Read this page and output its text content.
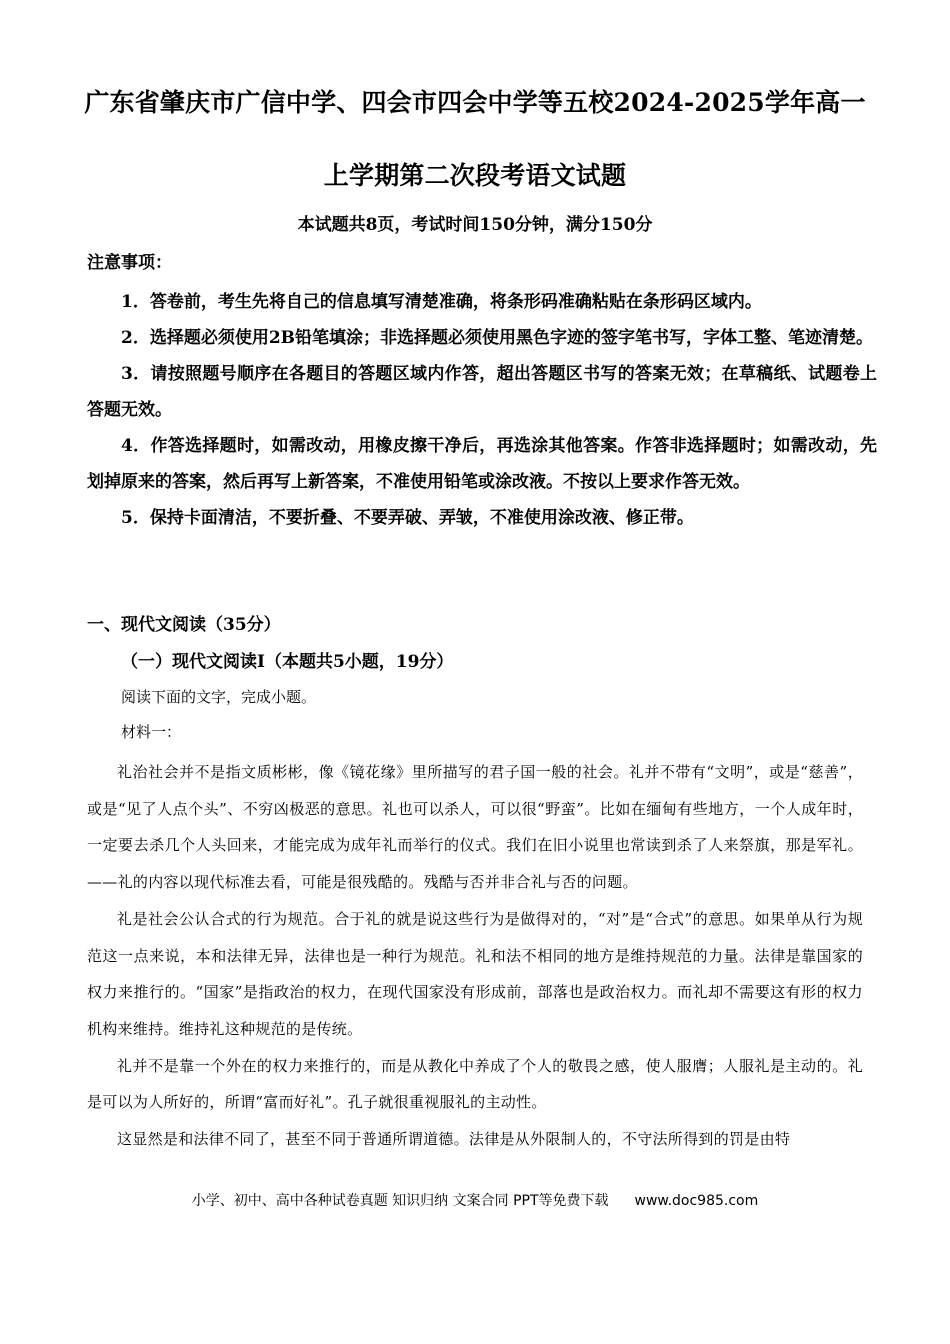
广东省肇庆市广信中学、四会市四会中学等五校2024-2025学年高一
上学期第二次段考语文试题
本试题共8页，考试时间150分钟，满分150分
注意事项：

1．答卷前，考生先将自己的信息填写清楚准确，将条形码准确粘贴在条形码区域内。

2．选择题必须使用2B铅笔填涂；非选择题必须使用黑色字迹的签字笔书写，字体工整、笔迹清楚。

3．请按照题号顺序在各题目的答题区域内作答，超出答题区书写的答案无效；在草稿纸、试题卷上答题无效。

4．作答选择题时，如需改动，用橡皮擦干净后，再选涂其他答案。作答非选择题时；如需改动，先划掉原来的答案，然后再写上新答案，不准使用铅笔或涂改液。不按以上要求作答无效。

5．保持卡面清洁，不要折叠、不要弄破、弄皱，不准使用涂改液、修正带。

一、现代文阅读（35分）
（一）现代文阅读Ⅰ（本题共5小题，19分）
阅读下面的文字，完成小题。
材料一：

礼治社会并不是指文质彬彬，像《镜花缘》里所描写的君子国一般的社会。礼并不带有“文明”，或是“慈善”，或是“见了人点个头”、不穷凶极恶的意思。礼也可以杀人，可以很“野蛮”。比如在缅甸有些地方，一个人成年时，一定要去杀几个人头回来，才能完成为成年礼而举行的仪式。我们在旧小说里也常读到杀了人来祭旗，那是军礼。——礼的内容以现代标准去看，可能是很残酷的。残酷与否并非合礼与否的问题。

礼是社会公认合式的行为规范。合于礼的就是说这些行为是做得对的，“对”是“合式”的意思。如果单从行为规范这一点来说，本和法律无异，法律也是一种行为规范。礼和法不相同的地方是维持规范的力量。法律是靠国家的权力来推行的。“国家”是指政治的权力，在现代国家没有形成前，部落也是政治权力。而礼却不需要这有形的权力机构来维持。维持礼这种规范的是传统。

礼并不是靠一个外在的权力来推行的，而是从教化中养成了个人的敬畏之感，使人服膺；人服礼是主动的。礼是可以为人所好的，所谓“富而好礼”。孔子就很重视服礼的主动性。

这显然是和法律不同了，甚至不同于普通所谓道德。法律是从外限制人的，不守法所得到的罚是由特

小学、初中、高中各种试卷真题 知识归纳 文案合同 PPT等免费下载 www.doc985.com
